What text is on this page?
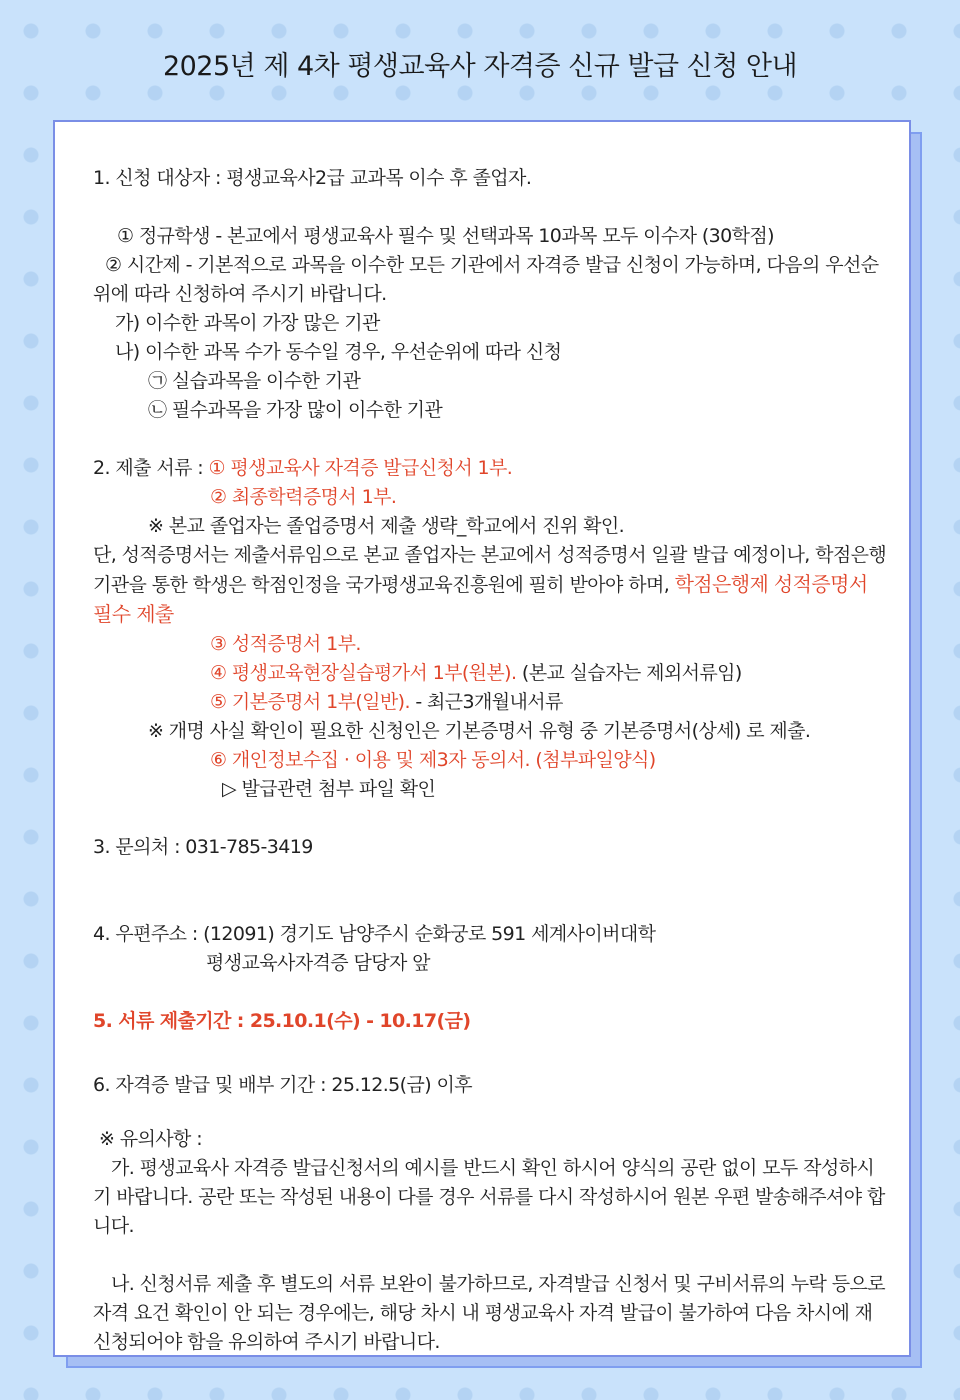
2025년 제 4차 평생교육사 자격증 신규 발급 신청 안내
1. 신청 대상자 : 평생교육사2급 교과목 이수 후 졸업자.
① 정규학생 - 본교에서 평생교육사 필수 및 선택과목 10과목 모두 이수자 (30학점)
② 시간제 - 기본적으로 과목을 이수한 모든 기관에서 자격증 발급 신청이 가능하며, 다음의 우선순위에 따라 신청하여 주시기 바랍니다.
가) 이수한 과목이 가장 많은 기관
나) 이수한 과목 수가 동수일 경우, 우선순위에 따라 신청
㉠ 실습과목을 이수한 기관
㉡ 필수과목을 가장 많이 이수한 기관
2. 제출 서류 : ① 평생교육사 자격증 발급신청서 1부.
② 최종학력증명서 1부.
※ 본교 졸업자는 졸업증명서 제출 생략_학교에서 진위 확인.
단, 성적증명서는 제출서류임으로 본교 졸업자는 본교에서 성적증명서 일괄 발급 예정이나, 학점은행기관을 통한 학생은 학점인정을 국가평생교육진흥원에 필히 받아야 하며, 학점은행제 성적증명서 필수 제출
③ 성적증명서 1부.
④ 평생교육현장실습평가서 1부(원본). (본교 실습자는 제외서류임)
⑤ 기본증명서 1부(일반). - 최근3개월내서류
※ 개명 사실 확인이 필요한 신청인은 기본증명서 유형 중 기본증명서(상세) 로 제출.
⑥ 개인정보수집 · 이용 및 제3자 동의서. (첨부파일양식)
▷ 발급관련 첨부 파일 확인
3. 문의처 : 031-785-3419
4. 우편주소 : (12091) 경기도 남양주시 순화궁로 591 세계사이버대학
평생교육사자격증 담당자 앞
5. 서류 제출기간 : 25.10.1(수) - 10.17(금)
6. 자격증 발급 및 배부 기간 : 25.12.5(금) 이후
※ 유의사항 :
가. 평생교육사 자격증 발급신청서의 예시를 반드시 확인 하시어 양식의 공란 없이 모두 작성하시기 바랍니다. 공란 또는 작성된 내용이 다를 경우 서류를 다시 작성하시어 원본 우편 발송해주셔야 합니다.
나. 신청서류 제출 후 별도의 서류 보완이 불가하므로, 자격발급 신청서 및 구비서류의 누락 등으로 자격 요건 확인이 안 되는 경우에는, 해당 차시 내 평생교육사 자격 발급이 불가하여 다음 차시에 재신청되어야 함을 유의하여 주시기 바랍니다.
